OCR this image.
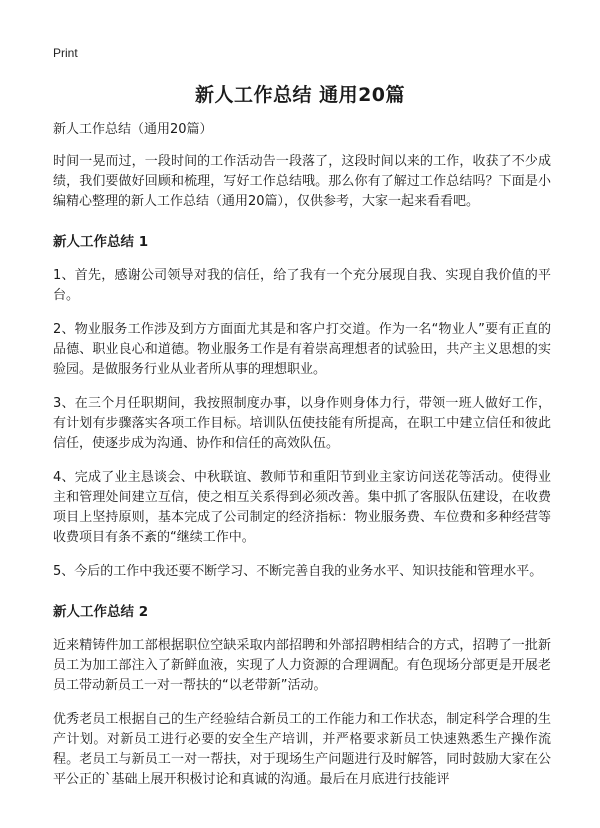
Print
新人工作总结 通用20篇

新人工作总结（通用20篇）

时间一晃而过，一段时间的工作活动告一段落了，这段时间以来的工作，收获了不少成绩，我们要做好回顾和梳理，写好工作总结哦。那么你有了解过工作总结吗？下面是小编精心整理的新人工作总结（通用20篇），仅供参考，大家一起来看看吧。

新人工作总结 1

1、首先，感谢公司领导对我的信任，给了我有一个充分展现自我、实现自我价值的平台。

2、物业服务工作涉及到方方面面尤其是和客户打交道。作为一名“物业人”要有正直的品德、职业良心和道德。物业服务工作是有着崇高理想者的试验田，共产主义思想的实验园。是做服务行业从业者所从事的理想职业。

3、在三个月任职期间，我按照制度办事，以身作则身体力行，带领一班人做好工作，有计划有步骤落实各项工作目标。培训队伍使技能有所提高，在职工中建立信任和彼此信任，使逐步成为沟通、协作和信任的高效队伍。

4、完成了业主恳谈会、中秋联谊、教师节和重阳节到业主家访问送花等活动。使得业主和管理处间建立互信，使之相互关系得到必须改善。集中抓了客服队伍建设，在收费项目上坚持原则，基本完成了公司制定的经济指标：物业服务费、车位费和多种经营等收费项目有条不紊的“继续工作中。

5、今后的工作中我还要不断学习、不断完善自我的业务水平、知识技能和管理水平。

新人工作总结 2

近来精铸件加工部根据职位空缺采取内部招聘和外部招聘相结合的方式，招聘了一批新员工为加工部注入了新鲜血液，实现了人力资源的合理调配。有色现场分部更是开展老员工带动新员工一对一帮扶的“以老带新”活动。

优秀老员工根据自己的生产经验结合新员工的工作能力和工作状态，制定科学合理的生产计划。对新员工进行必要的安全生产培训，并严格要求新员工快速熟悉生产操作流程。老员工与新员工一对一帮扶，对于现场生产问题进行及时解答，同时鼓励大家在公平公正的`基础上展开积极讨论和真诚的沟通。最后在月底进行技能评
